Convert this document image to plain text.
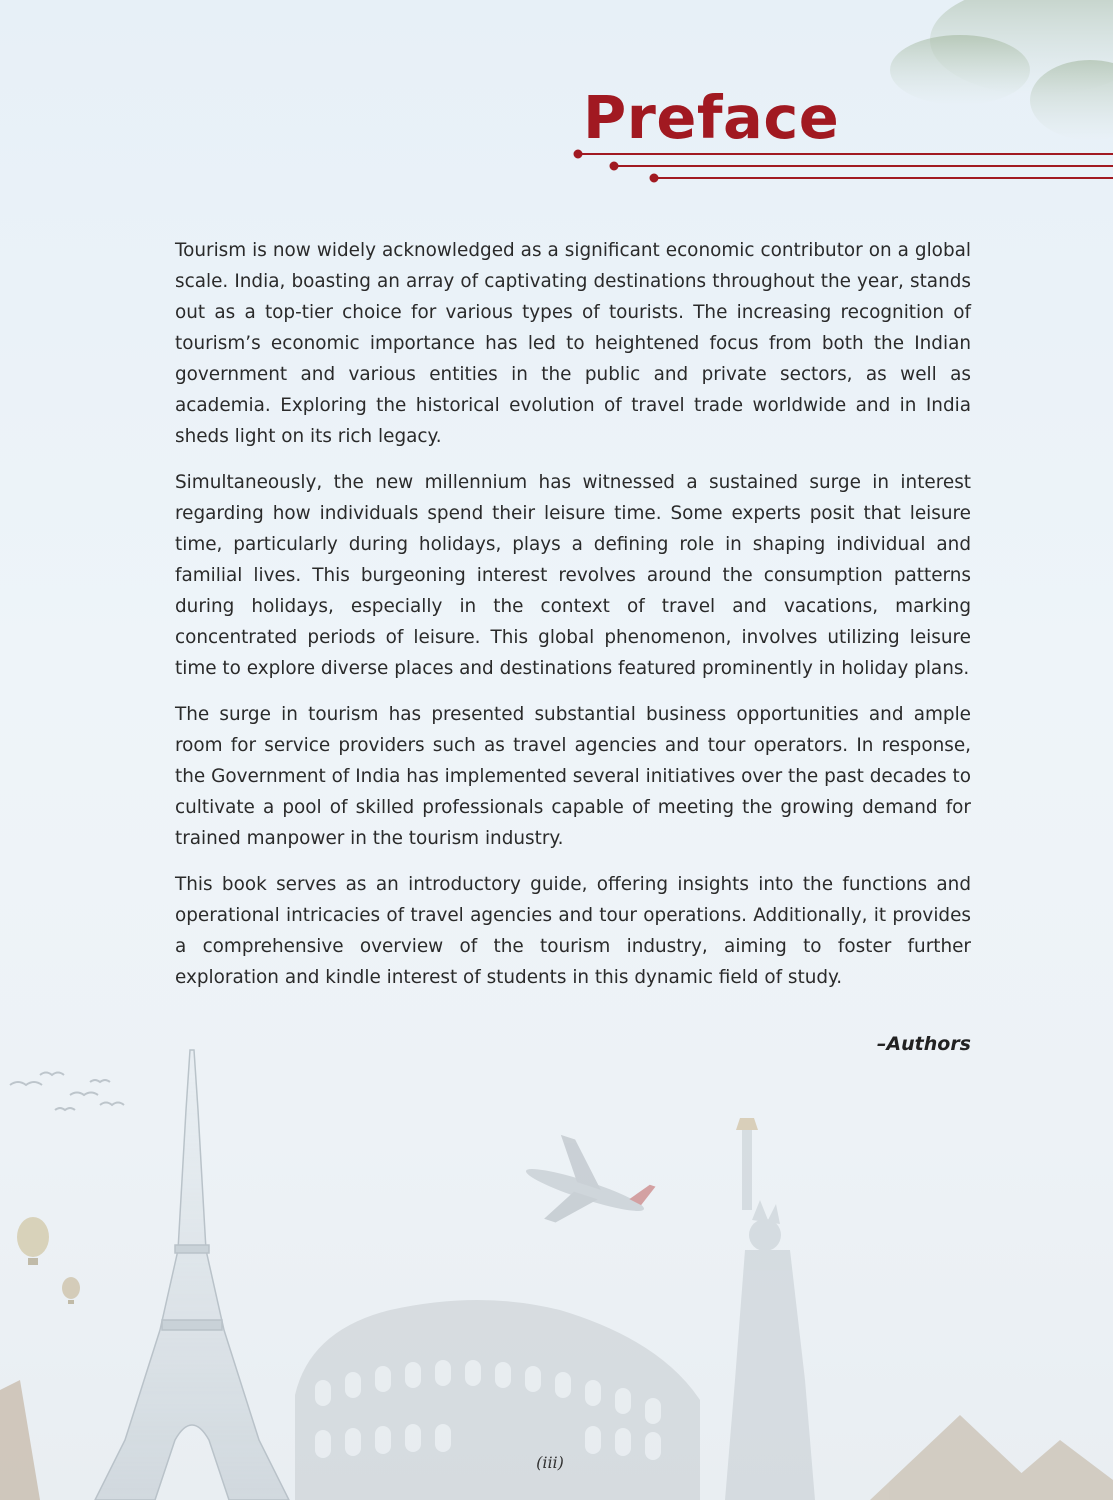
Preface

Tourism is now widely acknowledged as a significant economic contributor on a global scale. India, boasting an array of captivating destinations throughout the year, stands out as a top-tier choice for various types of tourists. The increasing recognition of tourism’s economic importance has led to heightened focus from both the Indian government and various entities in the public and private sectors, as well as academia. Exploring the historical evolution of travel trade worldwide and in India sheds light on its rich legacy.

Simultaneously, the new millennium has witnessed a sustained surge in interest regarding how individuals spend their leisure time. Some experts posit that leisure time, particularly during holidays, plays a defining role in shaping individual and familial lives. This burgeoning interest revolves around the consumption patterns during holidays, especially in the context of travel and vacations, marking concentrated periods of leisure. This global phenomenon, involves utilizing leisure time to explore diverse places and destinations featured prominently in holiday plans.

The surge in tourism has presented substantial business opportunities and ample room for service providers such as travel agencies and tour operators. In response, the Government of India has implemented several initiatives over the past decades to cultivate a pool of skilled professionals capable of meeting the growing demand for trained manpower in the tourism industry.

This book serves as an introductory guide, offering insights into the functions and operational intricacies of travel agencies and tour operations. Additionally, it provides a comprehensive overview of the tourism industry, aiming to foster further exploration and kindle interest of students in this dynamic field of study.

–Authors
(iii)
